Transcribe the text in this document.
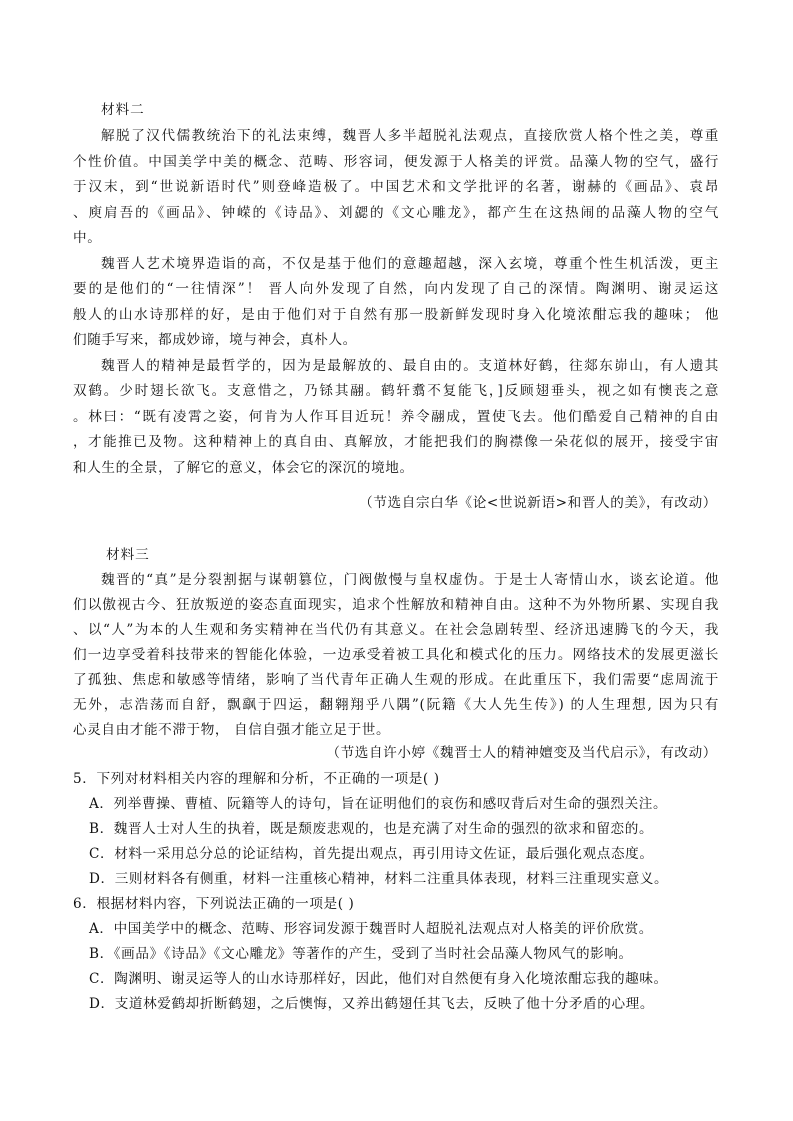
材料二
解脱了汉代儒教统治下的礼法束缚，魏晋人多半超脱礼法观点，直接欣赏人格个性之美，尊重
个性价值。中国美学中美的概念、范畴、形容词，便发源于人格美的评赏。品藻人物的空气，盛行
于汉末，到“世说新语时代”则登峰造极了。中国艺术和文学批评的名著，谢赫的《画品》、袁昂
、庾肩吾的《画品》、钟嵘的《诗品》、刘勰的《文心雕龙》，都产生在这热闹的品藻人物的空气
中。
魏晋人艺术境界造诣的高，不仅是基于他们的意趣超越，深入玄境，尊重个性生机活泼，更主
要的是他们的“一往情深”！ 晋人向外发现了自然，向内发现了自己的深情。陶渊明、谢灵运这
般人的山水诗那样的好，是由于他们对于自然有那一股新鲜发现时身入化境浓酣忘我的趣味； 他
们随手写来，都成妙谛，境与神会，真朴人。
魏晋人的精神是最哲学的，因为是最解放的、最自由的。支道林好鹤，往郯东峁山，有人遗其
双鹤。少时翅长欲飞。支意惜之，乃铩其翮。鹤轩翥不复能飞，]反顾翅垂头，视之如有懊丧之意
。林曰：“既有凌霄之姿，何肯为人作耳目近玩！养令翮成，置使飞去。他们酷爱自己精神的自由
，才能推已及物。这种精神上的真自由、真解放，才能把我们的胸襟像一朵花似的展开，接受宇宙
和人生的全景，了解它的意义，体会它的深沉的境地。
（节选自宗白华《论<世说新语>和晋人的美》，有改动）
材料三
魏晋的“真”是分裂割据与谋朝篡位，门阀傲慢与皇权虚伪。于是士人寄情山水，谈玄论道。他
们以傲视古今、狂放叛逆的姿态直面现实，追求个性解放和精神自由。这种不为外物所累、实现自我
、以“人”为本的人生观和务实精神在当代仍有其意义。在社会急剧转型、经济迅速腾飞的今天，我
们一边享受着科技带来的智能化体验，一边承受着被工具化和模式化的压力。网络技术的发展更滋长
了孤独、焦虑和敏感等情绪，影响了当代青年正确人生观的形成。在此重压下，我们需要“虑周流于
无外，志浩荡而自舒，飘飖于四运，翻翱翔乎八隅”(阮籍《大人先生传》) 的人生理想, 因为只有
心灵自由才能不滞于物， 自信自强才能立足于世。
（节选自许小婷《魏晋士人的精神嬗变及当代启示》，有改动）
5．下列对材料相关内容的理解和分析，不正确的一项是( )
A．列举曹操、曹植、阮籍等人的诗句，旨在证明他们的哀伤和感叹背后对生命的强烈关注。
B．魏晋人士对人生的执着，既是颓废悲观的，也是充满了对生命的强烈的欲求和留恋的。
C．材料一采用总分总的论证结构，首先提出观点，再引用诗文佐证，最后强化观点态度。
D．三则材料各有侧重，材料一注重核心精神，材料二注重具体表现，材料三注重现实意义。
6．根据材料内容，下列说法正确的一项是( )
A．中国美学中的概念、范畴、形容词发源于魏晋时人超脱礼法观点对人格美的评价欣赏。
B．《画品》《诗品》《文心雕龙》等著作的产生，受到了当时社会品藻人物风气的影响。
C．陶渊明、谢灵运等人的山水诗那样好，因此，他们对自然便有身入化境浓酣忘我的趣味。
D．支道林爱鹤却折断鹤翅，之后懊悔，又养出鹤翅任其飞去，反映了他十分矛盾的心理。
